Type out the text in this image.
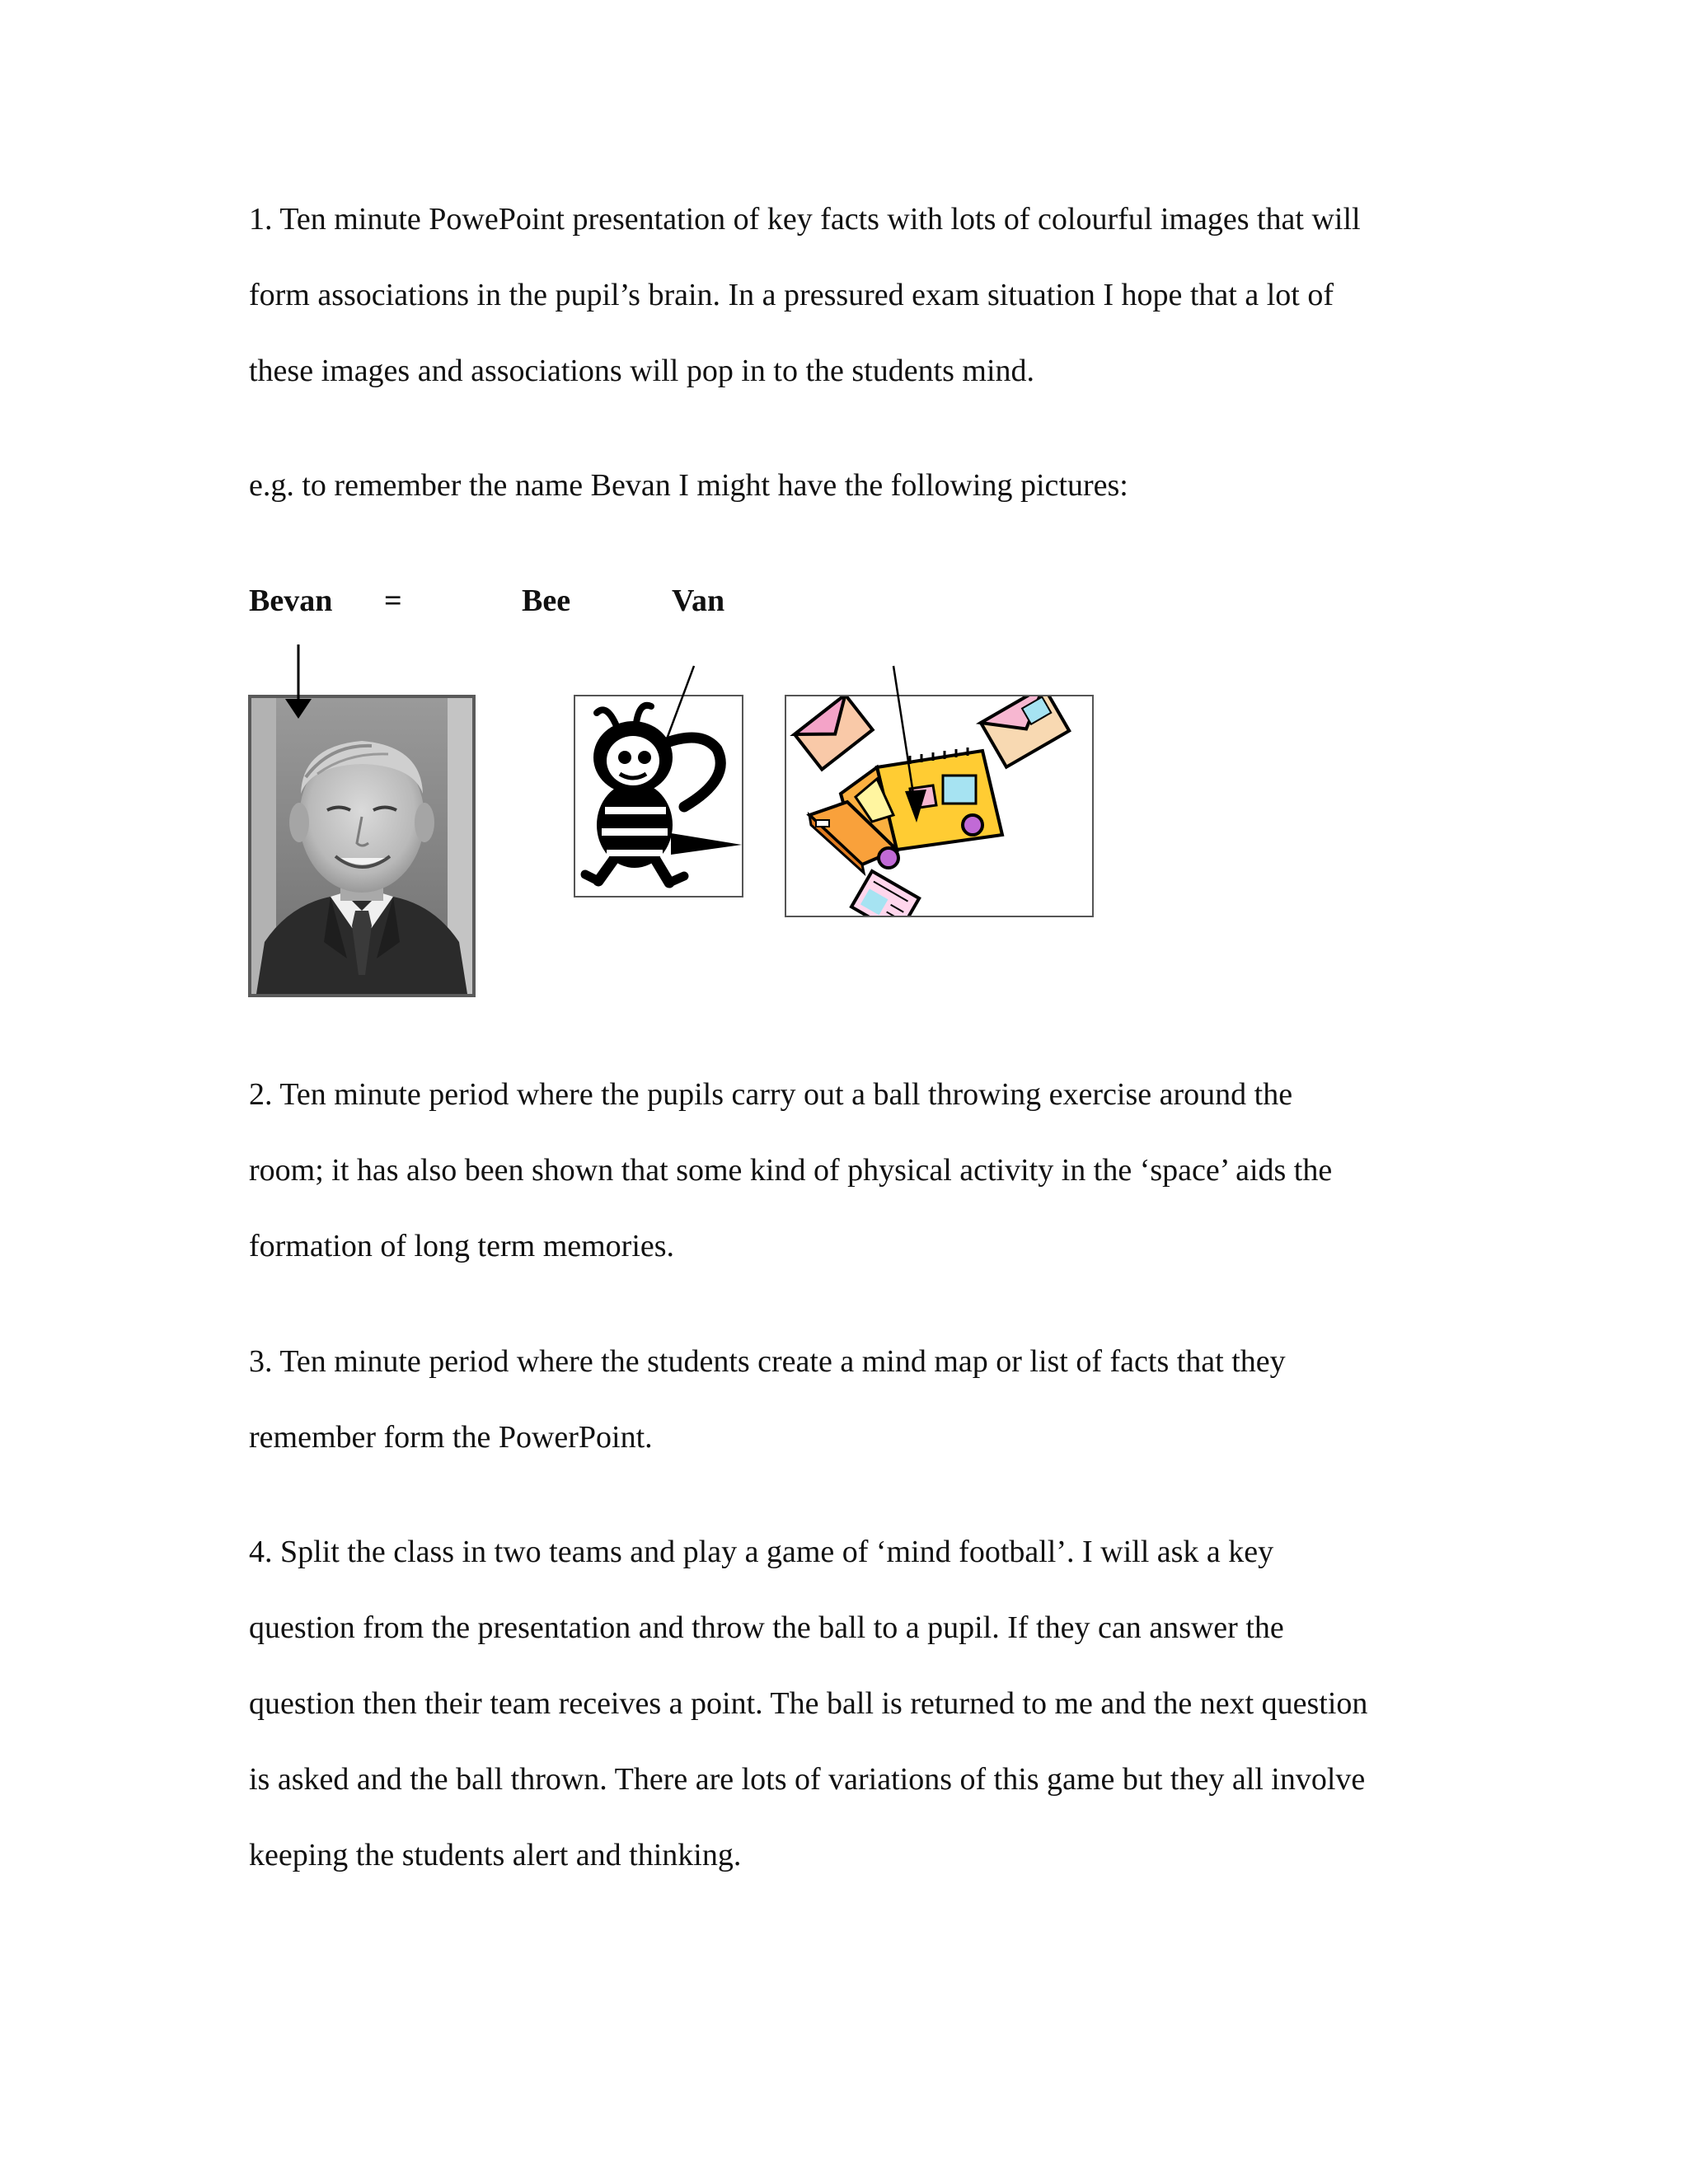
1. Ten minute PowePoint presentation of key facts with lots of colourful images that will

form associations in the pupil’s brain. In a pressured exam situation I hope that a lot of

these images and associations will pop in to the students mind.

e.g. to remember the name Bevan I might have the following pictures:

Bevan =	Bee	Van

2. Ten minute period where the pupils carry out a ball throwing exercise around the

room; it has also been shown that some kind of physical activity in the ‘space’ aids the

formation of long term memories.

3. Ten minute period where the students create a mind map or list of facts that they

remember form the PowerPoint.

4. Split the class in two teams and play a game of ‘mind football’. I will ask a key

question from the presentation and throw the ball to a pupil. If they can answer the

question then their team receives a point. The ball is returned to me and the next question

is asked and the ball thrown. There are lots of variations of this game but they all involve

keeping the students alert and thinking.
